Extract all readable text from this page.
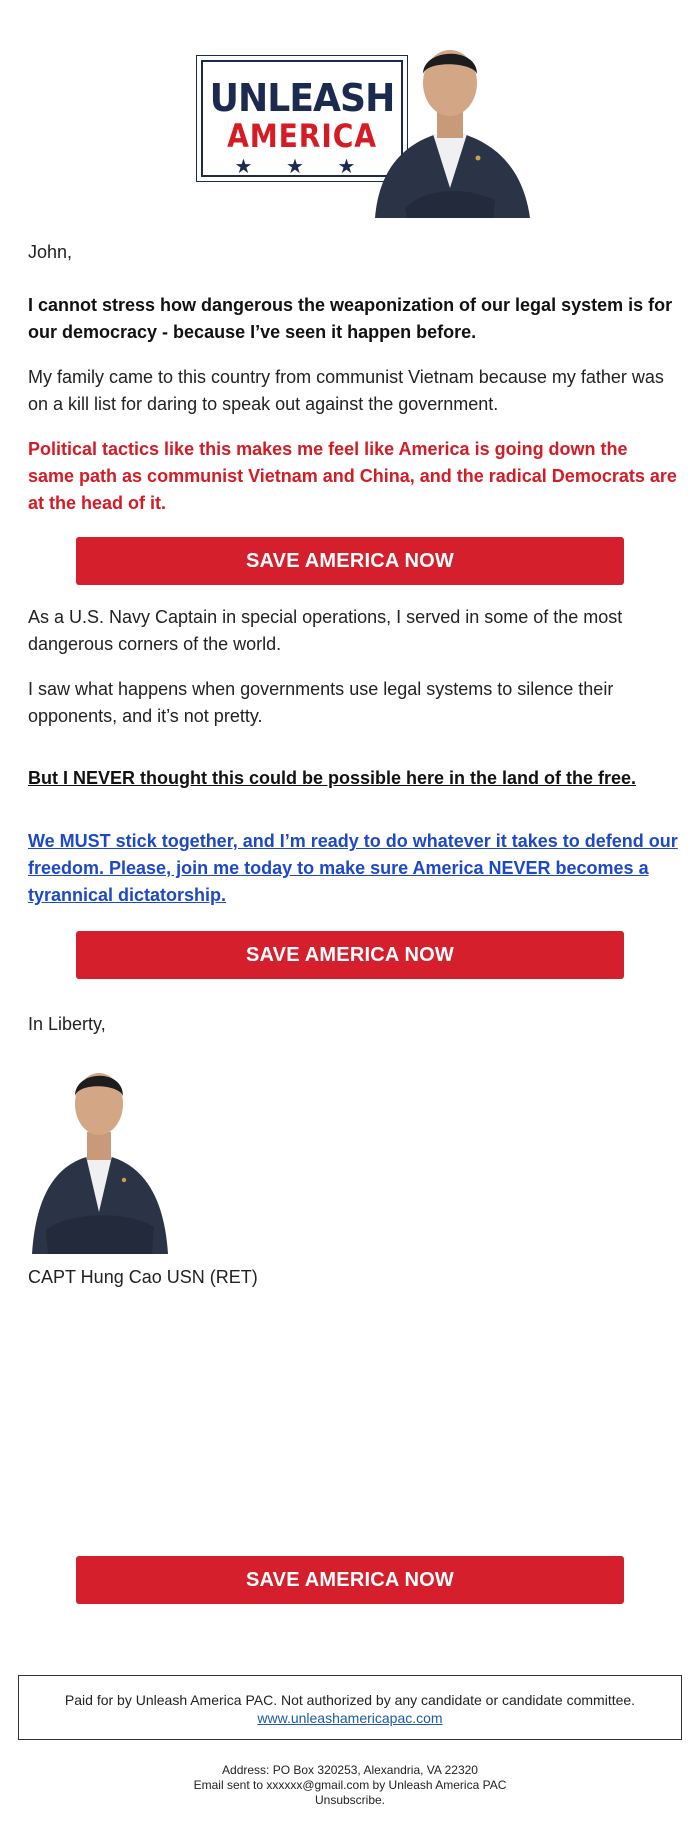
UNLEASH
AMERICA
★ ★ ★

John,

I cannot stress how dangerous the weaponization of our legal system is for our democracy - because I’ve seen it happen before.

My family came to this country from communist Vietnam because my father was on a kill list for daring to speak out against the government.

Political tactics like this makes me feel like America is going down the same path as communist Vietnam and China, and the radical Democrats are at the head of it.

SAVE AMERICA NOW

As a U.S. Navy Captain in special operations, I served in some of the most dangerous corners of the world.

I saw what happens when governments use legal systems to silence their opponents, and it’s not pretty.

But I NEVER thought this could be possible here in the land of the free.

We MUST stick together, and I’m ready to do whatever it takes to defend our freedom. Please, join me today to make sure America NEVER becomes a tyrannical dictatorship.

SAVE AMERICA NOW

In Liberty,

CAPT Hung Cao USN (RET)

SAVE AMERICA NOW
Paid for by Unleash America PAC. Not authorized by any candidate or candidate committee.
www.unleashamericapac.com
Address: PO Box 320253, Alexandria, VA 22320
Email sent to xxxxxx@gmail.com by Unleash America PAC
Unsubscribe.
